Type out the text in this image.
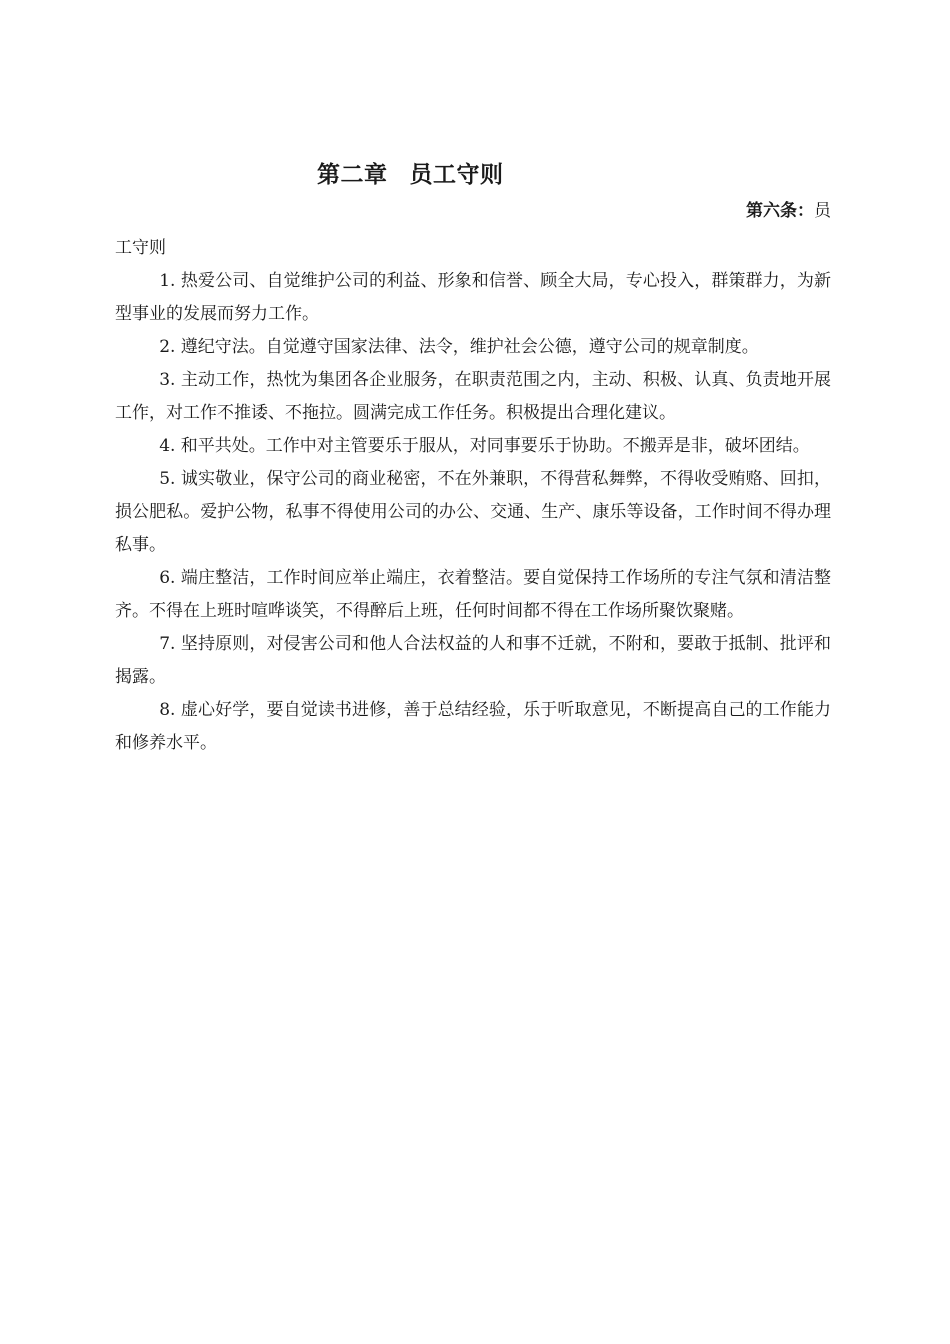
第二章 员工守则
第六条：员

工守则

1. 热爱公司、自觉维护公司的利益、形象和信誉、顾全大局，专心投入，群策群力，为新型事业的发展而努力工作。

2. 遵纪守法。自觉遵守国家法律、法令，维护社会公德，遵守公司的规章制度。

3. 主动工作，热忱为集团各企业服务，在职责范围之内，主动、积极、认真、负责地开展工作，对工作不推诿、不拖拉。圆满完成工作任务。积极提出合理化建议。

4. 和平共处。工作中对主管要乐于服从，对同事要乐于协助。不搬弄是非，破坏团结。

5. 诚实敬业，保守公司的商业秘密，不在外兼职，不得营私舞弊，不得收受贿赂、回扣，损公肥私。爱护公物，私事不得使用公司的办公、交通、生产、康乐等设备，工作时间不得办理私事。

6. 端庄整洁，工作时间应举止端庄，衣着整洁。要自觉保持工作场所的专注气氛和清洁整齐。不得在上班时喧哗谈笑，不得醉后上班，任何时间都不得在工作场所聚饮聚赌。

7. 坚持原则，对侵害公司和他人合法权益的人和事不迁就，不附和，要敢于抵制、批评和揭露。

8. 虚心好学，要自觉读书进修，善于总结经验，乐于听取意见，不断提高自己的工作能力和修养水平。
